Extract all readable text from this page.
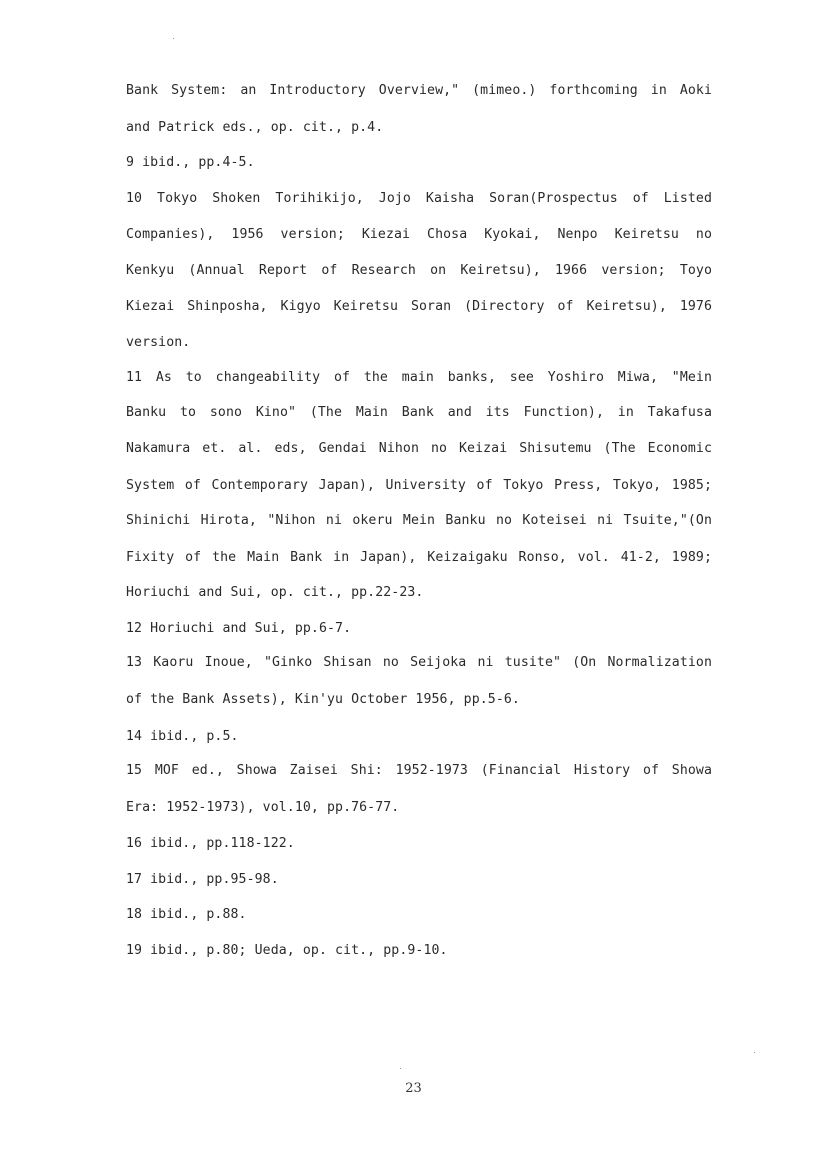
Bank System: an Introductory Overview," (mimeo.) forthcoming in Aoki
and Patrick eds., op. cit., p.4.
9 ibid., pp.4-5.
10 Tokyo Shoken Torihikijo, Jojo Kaisha Soran(Prospectus of Listed
Companies), 1956 version; Kiezai Chosa Kyokai, Nenpo Keiretsu no
Kenkyu (Annual Report of Research on Keiretsu), 1966 version; Toyo
Kiezai Shinposha, Kigyo Keiretsu Soran (Directory of Keiretsu), 1976
version.
11 As to changeability of the main banks, see Yoshiro Miwa, "Mein
Banku to sono Kino" (The Main Bank and its Function), in Takafusa
Nakamura et. al. eds, Gendai Nihon no Keizai Shisutemu (The Economic
System of Contemporary Japan), University of Tokyo Press, Tokyo, 1985;
Shinichi Hirota, "Nihon ni okeru Mein Banku no Koteisei ni Tsuite,"(On
Fixity of the Main Bank in Japan), Keizaigaku Ronso, vol. 41-2, 1989;
Horiuchi and Sui, op. cit., pp.22-23.
12 Horiuchi and Sui, pp.6-7.
13 Kaoru Inoue, "Ginko Shisan no Seijoka ni tusite" (On Normalization
of the Bank Assets), Kin'yu October 1956, pp.5-6.
14 ibid., p.5.
15 MOF ed., Showa Zaisei Shi: 1952-1973 (Financial History of Showa
Era: 1952-1973), vol.10, pp.76-77.
16 ibid., pp.118-122.
17 ibid., pp.95-98.
18 ibid., p.88.
19 ibid., p.80; Ueda, op. cit., pp.9-10.
23
